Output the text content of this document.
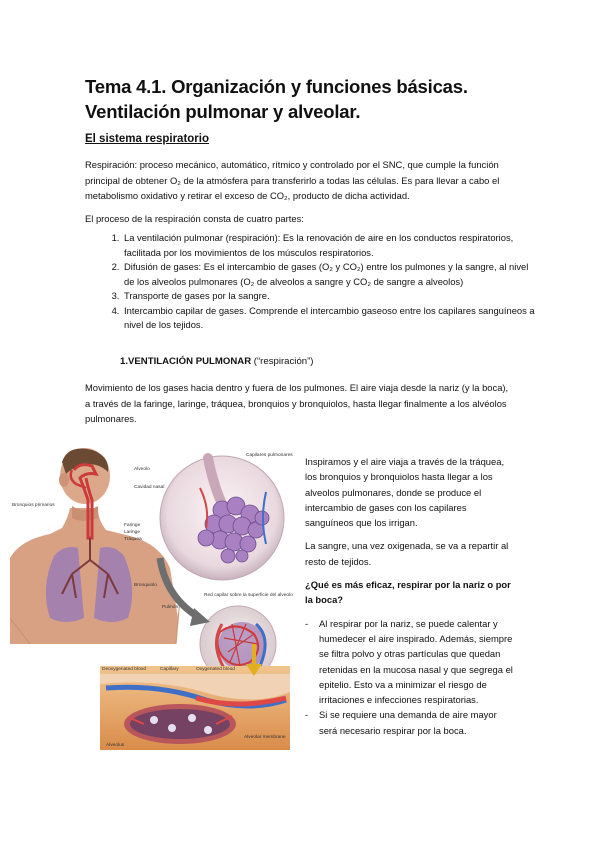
Tema 4.1. Organización y funciones básicas. Ventilación pulmonar y alveolar.
El sistema respiratorio
Respiración: proceso mecánico, automático, rítmico y controlado por el SNC, que cumple la función principal de obtener O₂ de la atmósfera para transferirlo a todas las células. Es para llevar a cabo el metabolismo oxidativo y retirar el exceso de CO₂, producto de dicha actividad.
El proceso de la respiración consta de cuatro partes:
1. La ventilación pulmonar (respiración): Es la renovación de aire en los conductos respiratorios, facilitada por los movimientos de los músculos respiratorios.
2. Difusión de gases: Es el intercambio de gases (O₂ y CO₂) entre los pulmones y la sangre, al nivel de los alveolos pulmonares (O₂ de alveolos a sangre y CO₂ de sangre a alveolos)
3. Transporte de gases por la sangre.
4. Intercambio capilar de gases. Comprende el intercambio gaseoso entre los capilares sanguíneos a nivel de los tejidos.
1.VENTILACIÓN PULMONAR (“respiración”)
Movimiento de los gases hacia dentro y fuera de los pulmones. El aire viaja desde la nariz (y la boca), a través de la faringe, laringe, tráquea, bronquios y bronquiolos, hasta llegar finalmente a los alvéolos pulmonares.
Bronquios primarios
Alveolo
Cavidad nasal
Faringe
Laringe
Tráquea
Bronquiolo
Pulmón
Capilares pulmonares
Red capilar sobre la superficie del alveolo
Deoxygenated blood	Capillary	Oxygenated blood
Alveolus
Alveolar membrane

Inspiramos y el aire viaja a través de la tráquea, los bronquios y bronquiolos hasta llegar a los alveolos pulmonares, donde se produce el intercambio de gases con los capilares sanguíneos que los irrigan.

La sangre, una vez oxigenada, se va a repartir al resto de tejidos.

¿Qué es más eficaz, respirar por la nariz o por la boca?

- Al respirar por la nariz, se puede calentar y humedecer el aire inspirado. Además, siempre se filtra polvo y otras partículas que quedan retenidas en la mucosa nasal y que segrega el epitelio. Esto va a minimizar el riesgo de irritaciones e infecciones respiratorias.
- Si se requiere una demanda de aire mayor será necesario respirar por la boca.
